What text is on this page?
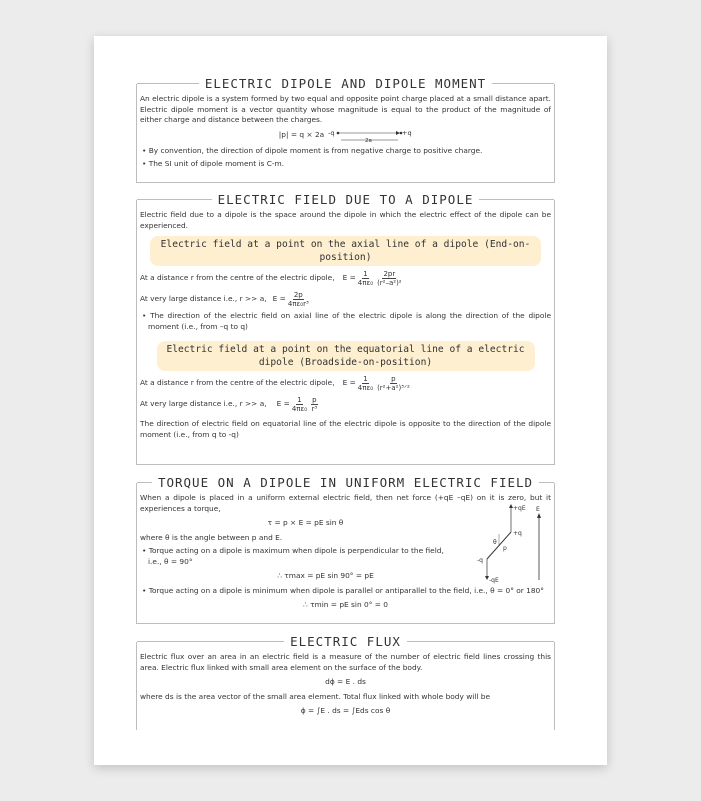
ELECTRIC DIPOLE AND DIPOLE MOMENT

An electric dipole is a system formed by two equal and opposite point charge placed at a small distance apart. Electric dipole moment is a vector quantity whose magnitude is equal to the product of the magnitude of either charge and distance between the charges.

|p| = q × 2a -q	+q
2a

• By convention, the direction of dipole moment is from negative charge to positive charge.

• The SI unit of dipole moment is C-m.

ELECTRIC FIELD DUE TO A DIPOLE

Electric field due to a dipole is the space around the dipole in which the electric effect of the dipole can be experienced.

Electric field at a point on the axial line of a dipole (End-on-position)
At a distance r from the centre of the electric dipole, $E = \frac{1}{\text{4πε₀}} \frac{2pr}{\text{(r²–a²)²}}$
At very large distance i.e., r >> a, $E = \frac{2p}{\text{4πε₀r³}}$

• The direction of the electric field on axial line of the electric dipole is along the direction of the dipole moment (i.e., from –q to q)

Electric field at a point on the equatorial line of a electric dipole (Broadside-on-position)
At a distance r from the centre of the electric dipole, $E = \frac{1}{\text{4πε₀}} \frac{p}{\text{(r²+a²)³ᐟ²}}$
At very large distance i.e., r >> a, $E = \frac{1}{\text{4πε₀}} \frac{p}{\text{r³}}$

The direction of electric field on equatorial line of the electric dipole is opposite to the direction of the dipole moment (i.e., from q to -q)

TORQUE ON A DIPOLE IN UNIFORM ELECTRIC FIELD

When a dipole is placed in a uniform external electric field, then net force (+qE –qE) on it is zero, but it experiences a torque,

τ = p × E = pE sin θ

where θ is the angle between p and E.

• Torque acting on a dipole is maximum when dipole is perpendicular to the field,

i.e., θ = 90°

∴ τmax = pE sin 90° = pE

• Torque acting on a dipole is minimum when dipole is parallel or antiparallel to the field, i.e., θ = 0° or 180°

∴ τmin = pE sin 0° = 0

+qE
+q
θ
p
-q
-qE
E
ELECTRIC FLUX

Electric flux over an area in an electric field is a measure of the number of electric field lines crossing this area. Electric flux linked with small area element on the surface of the body.

dϕ = E . ds

where ds is the area vector of the small area element. Total flux linked with whole body will be

ϕ = ∫E . ds = ∫Eds cos θ
